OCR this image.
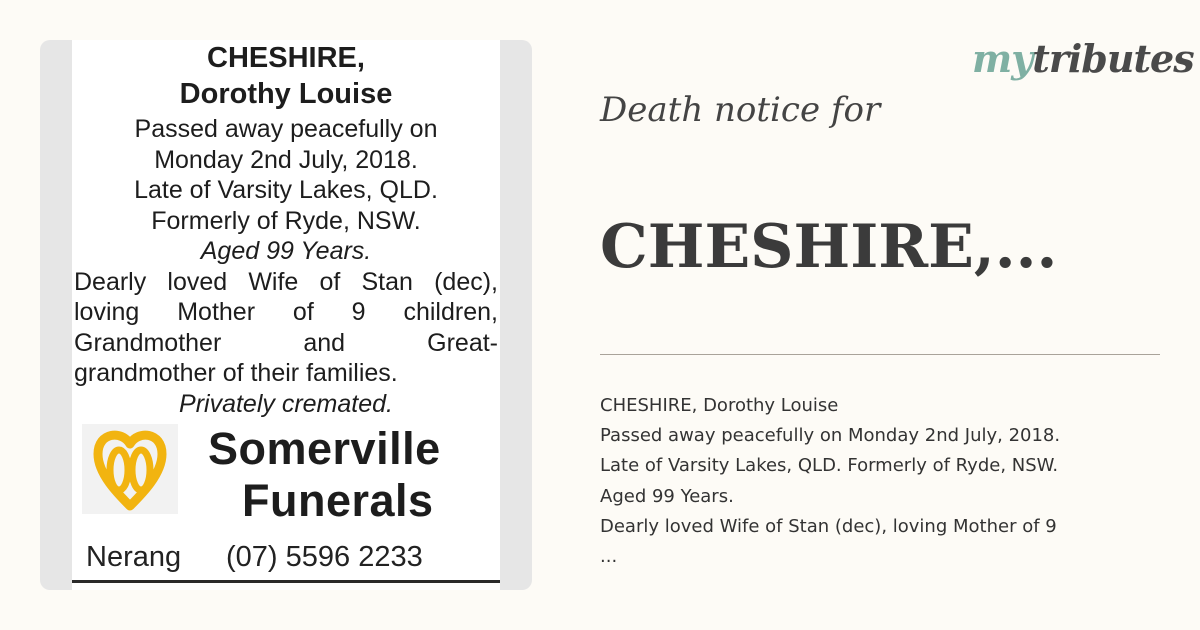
CHESHIRE,
Dorothy Louise
Passed away peacefully on
Monday 2nd July, 2018.
Late of Varsity Lakes, QLD.
Formerly of Ryde, NSW.
Aged 99 Years.
Dearly loved Wife of Stan (dec),
loving Mother of 9 children,
Grandmother	and	Great-
grandmother of their families.
Privately cremated.
Somerville
Funerals
Nerang (07) 5596 2233
mytributes
Death notice for
CHESHIRE,...
CHESHIRE, Dorothy Louise
Passed away peacefully on Monday 2nd July, 2018.
Late of Varsity Lakes, QLD. Formerly of Ryde, NSW.
Aged 99 Years.
Dearly loved Wife of Stan (dec), loving Mother of 9
...
